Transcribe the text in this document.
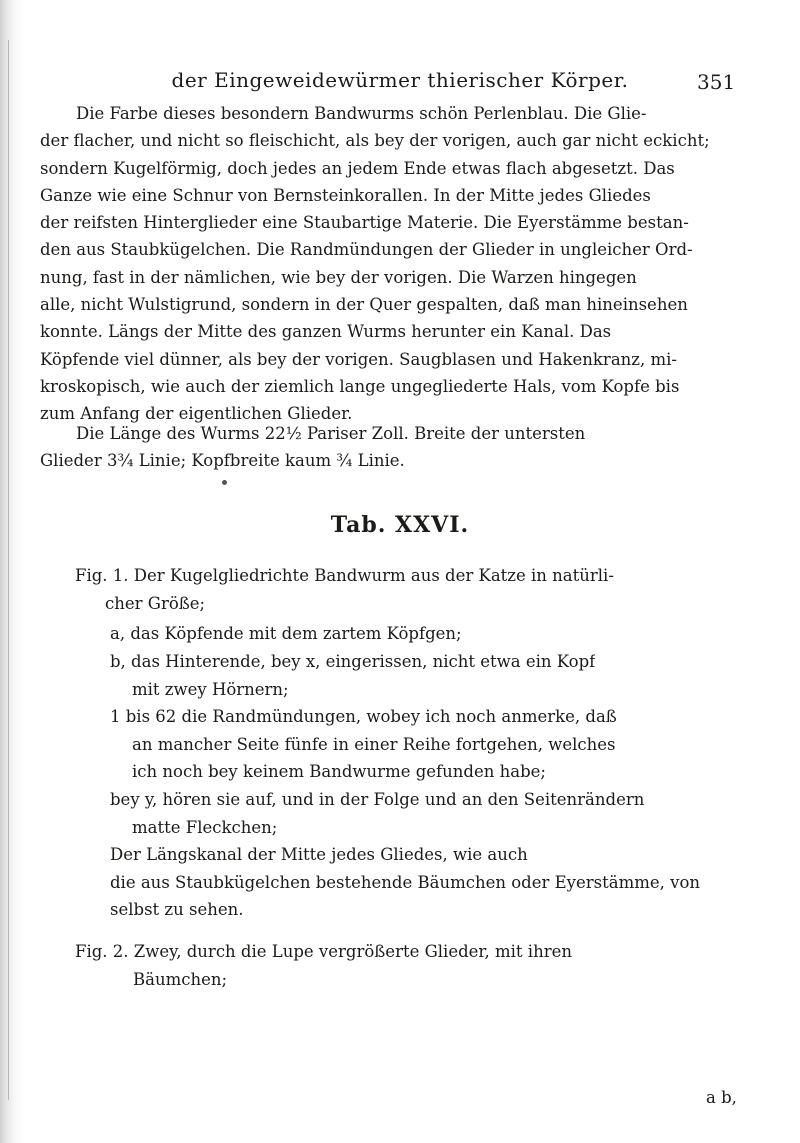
der Eingeweidewürmer thierischer Körper.	351
Die Farbe dieses besondern Bandwurms schön Perlenblau. Die Glie-
der flacher, und nicht so fleischicht, als bey der vorigen, auch gar nicht eckicht;
sondern Kugelförmig, doch jedes an jedem Ende etwas flach abgesetzt. Das
Ganze wie eine Schnur von Bernsteinkorallen. In der Mitte jedes Gliedes
der reifsten Hinterglieder eine Staubartige Materie. Die Eyerstämme bestan-
den aus Staubkügelchen. Die Randmündungen der Glieder in ungleicher Ord-
nung, fast in der nämlichen, wie bey der vorigen. Die Warzen hingegen
alle, nicht Wulstigrund, sondern in der Quer gespalten, daß man hineinsehen
konnte. Längs der Mitte des ganzen Wurms herunter ein Kanal. Das
Köpfende viel dünner, als bey der vorigen. Saugblasen und Hakenkranz, mi-
kroskopisch, wie auch der ziemlich lange ungegliederte Hals, vom Kopfe bis
zum Anfang der eigentlichen Glieder.
Die Länge des Wurms 22½ Pariser Zoll. Breite der untersten
Glieder 3¾ Linie; Kopfbreite kaum ¾ Linie.
Tab. XXVI.
Fig. 1. Der Kugelgliedrichte Bandwurm aus der Katze in natürli-
cher Größe;
a, das Köpfende mit dem zartem Köpfgen;
b, das Hinterende, bey x, eingerissen, nicht etwa ein Kopf
mit zwey Hörnern;
1 bis 62 die Randmündungen, wobey ich noch anmerke, daß
an mancher Seite fünfe in einer Reihe fortgehen, welches
ich noch bey keinem Bandwurme gefunden habe;
bey y, hören sie auf, und in der Folge und an den Seitenrändern
matte Fleckchen;
Der Längskanal der Mitte jedes Gliedes, wie auch
die aus Staubkügelchen bestehende Bäumchen oder Eyerstämme, von
selbst zu sehen.
Fig. 2. Zwey, durch die Lupe vergrößerte Glieder, mit ihren
Bäumchen;
a b,
